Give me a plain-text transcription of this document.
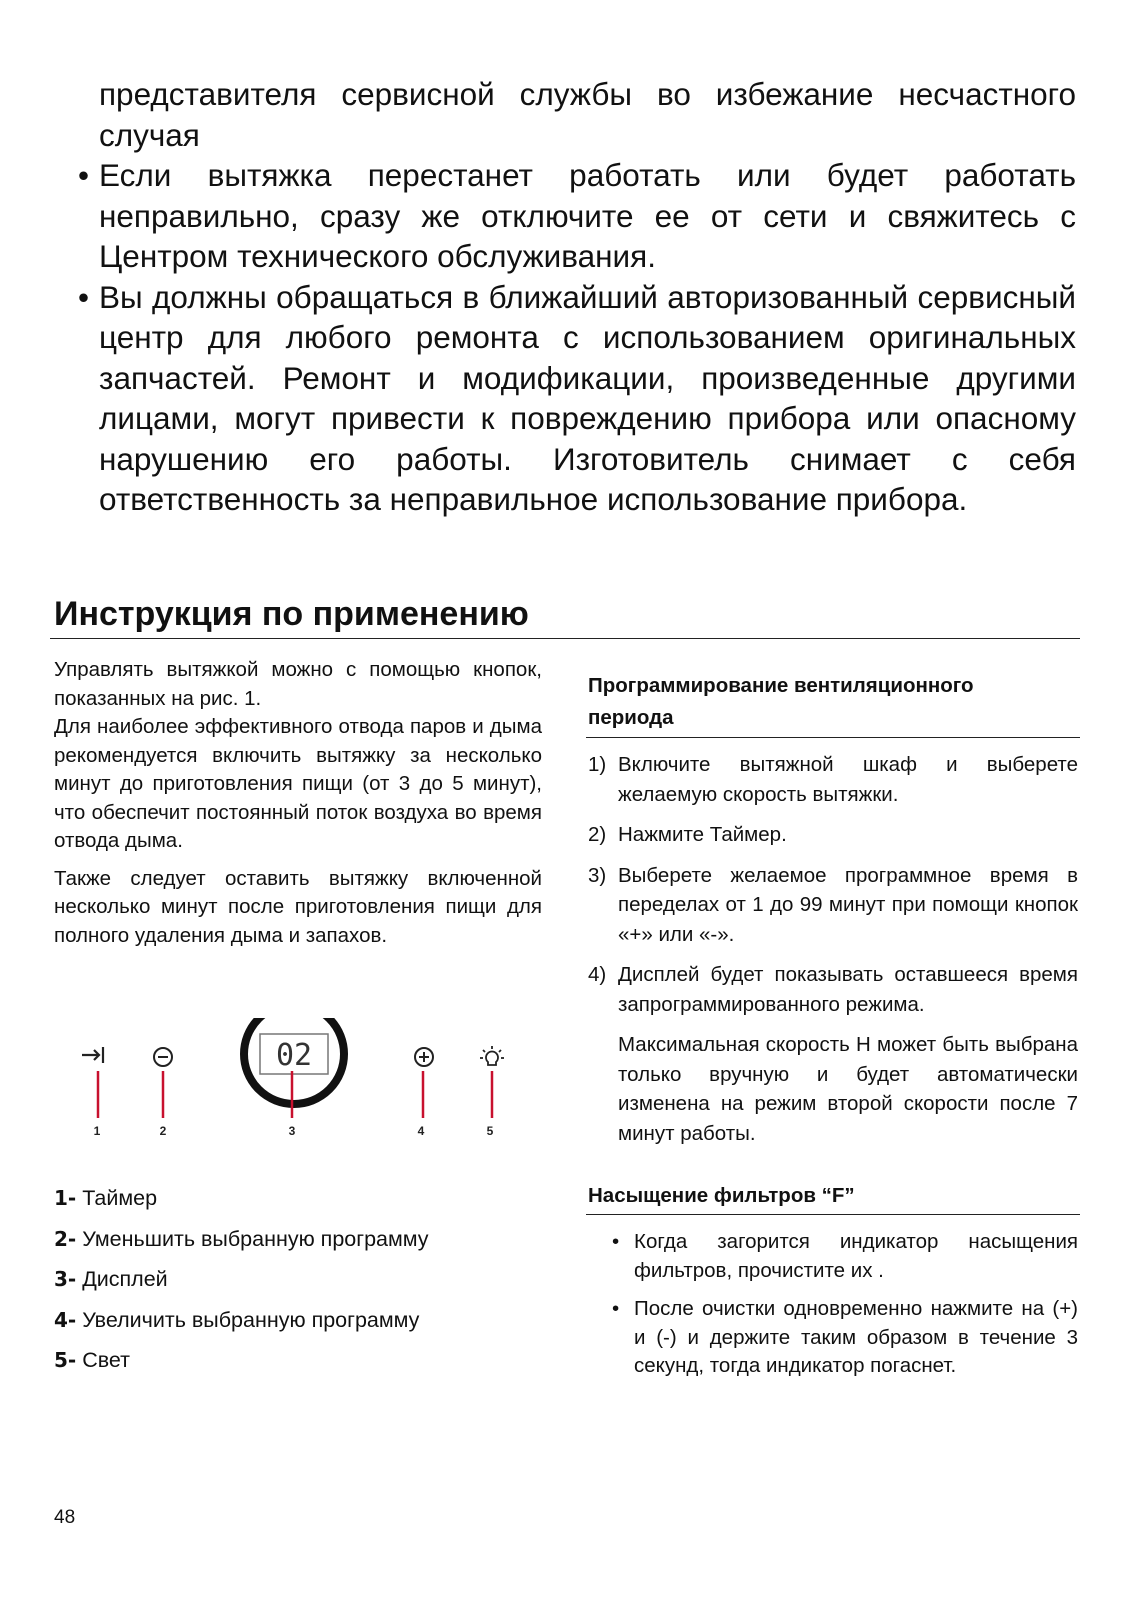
представителя сервисной службы во избежание несчастного случая

• Если вытяжка перестанет работать или будет работать неправильно, сразу же отключите ее от сети и свяжитесь с Центром технического обслуживания.
• Вы должны обращаться в ближайший авторизованный сервисный центр для любого ремонта с использованием оригинальных запчастей. Ремонт и модификации, произведенные другими лицами, могут привести к повреждению прибора или опасному нарушению его работы. Изготовитель снимает с себя ответственность за неправильное использование прибора.
Инструкция по применению

Управлять вытяжкой можно с помощью кнопок, показанных на рис. 1.

Для наиболее эффективного отвода паров и дыма рекомендуется включить вытяжку за несколько минут до приготовления пищи (от 3 до 5 минут), что обеспечит постоянный поток воздуха во время отвода дыма.

Также следует оставить вытяжку включенной несколько минут после приготовления пищи для полного удаления дыма и запахов.

02
1	2	3	4	5
1- Таймер
2- Уменьшить выбранную программу
3- Дисплей
4- Увеличить выбранную программу
5- Свет
Программирование вентиляционного
периода
1) Включите вытяжной шкаф и выберете желаемую скорость вытяжки.
2) Нажмите Таймер.
3) Выберете желаемое программное время в переделах от 1 до 99 минут при помощи кнопок «+» или «-».
4) Дисплей будет показывать оставшееся время запрограммированного режима.
Максимальная скорость H может быть выбрана только вручную и будет автоматически изменена на режим второй скорости после 7 минут работы.
Насыщение фильтров “F”
• Когда загорится индикатор насыщения фильтров, прочистите их .
• После очистки одновременно нажмите на (+) и (-) и держите таким образом в течение 3 секунд, тогда индикатор погаснет.
48
